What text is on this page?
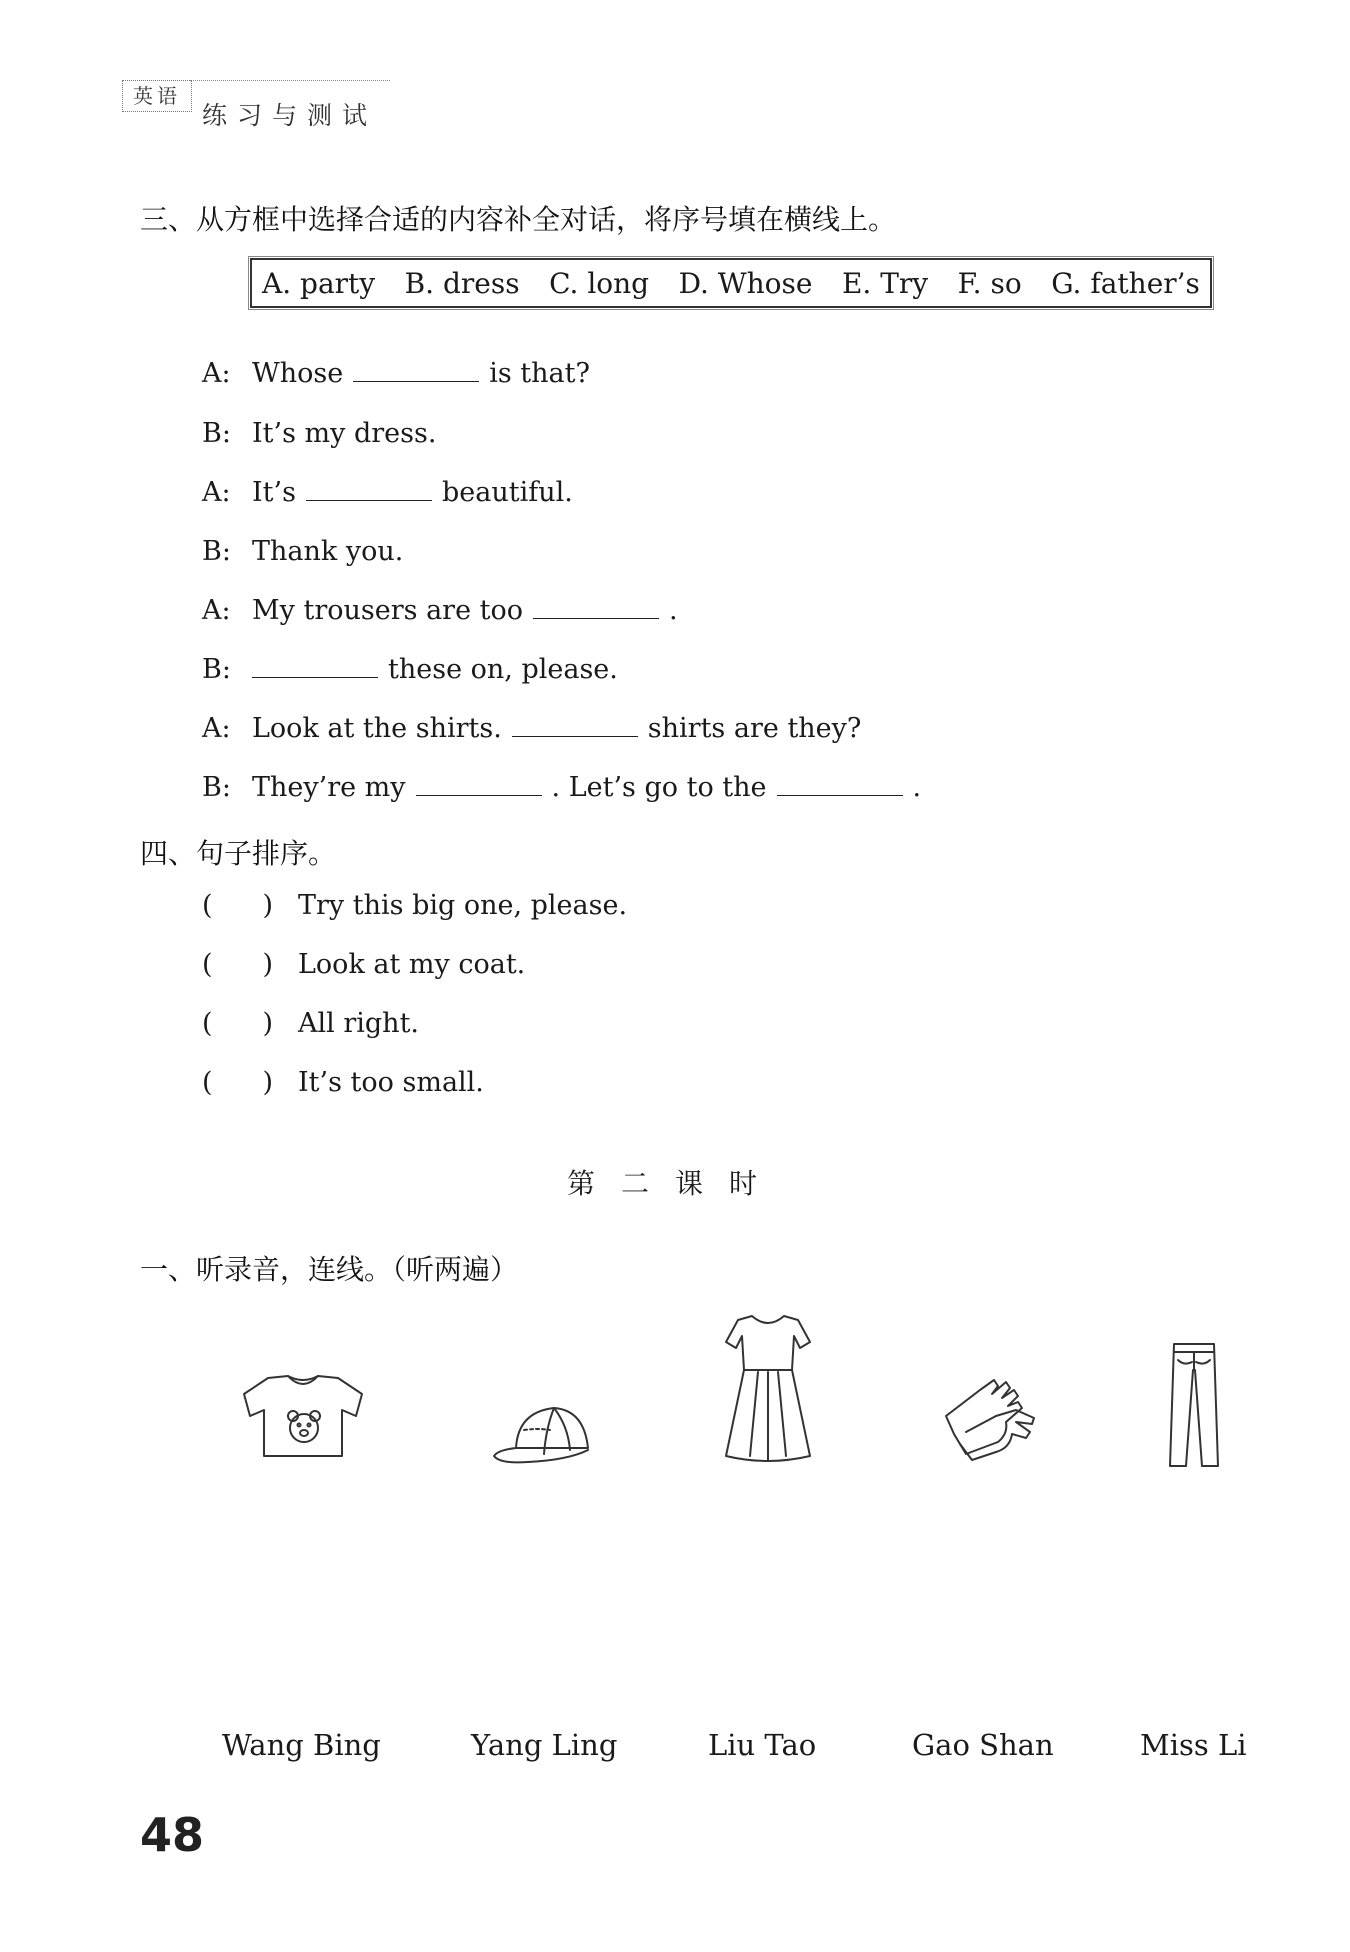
英语
练习与测试
三、从方框中选择合适的内容补全对话，将序号填在横线上。
A. party B. dress C. long D. Whose E. Try F. so G. father’s
A: Whose	is that?
B: It’s my dress.
A: It’s	beautiful.
B: Thank you.
A: My trousers are too	.
B:	these on, please.
A: Look at the shirts.	shirts are they?
B: They’re my	. Let’s go to the	.
四、句子排序。
( ) Try this big one, please.
( ) Look at my coat.
( ) All right.
( ) It’s too small.
第二课时
一、听录音，连线。（听两遍）
Wang Bing	Yang Ling	Liu Tao	Gao Shan	Miss Li
48
